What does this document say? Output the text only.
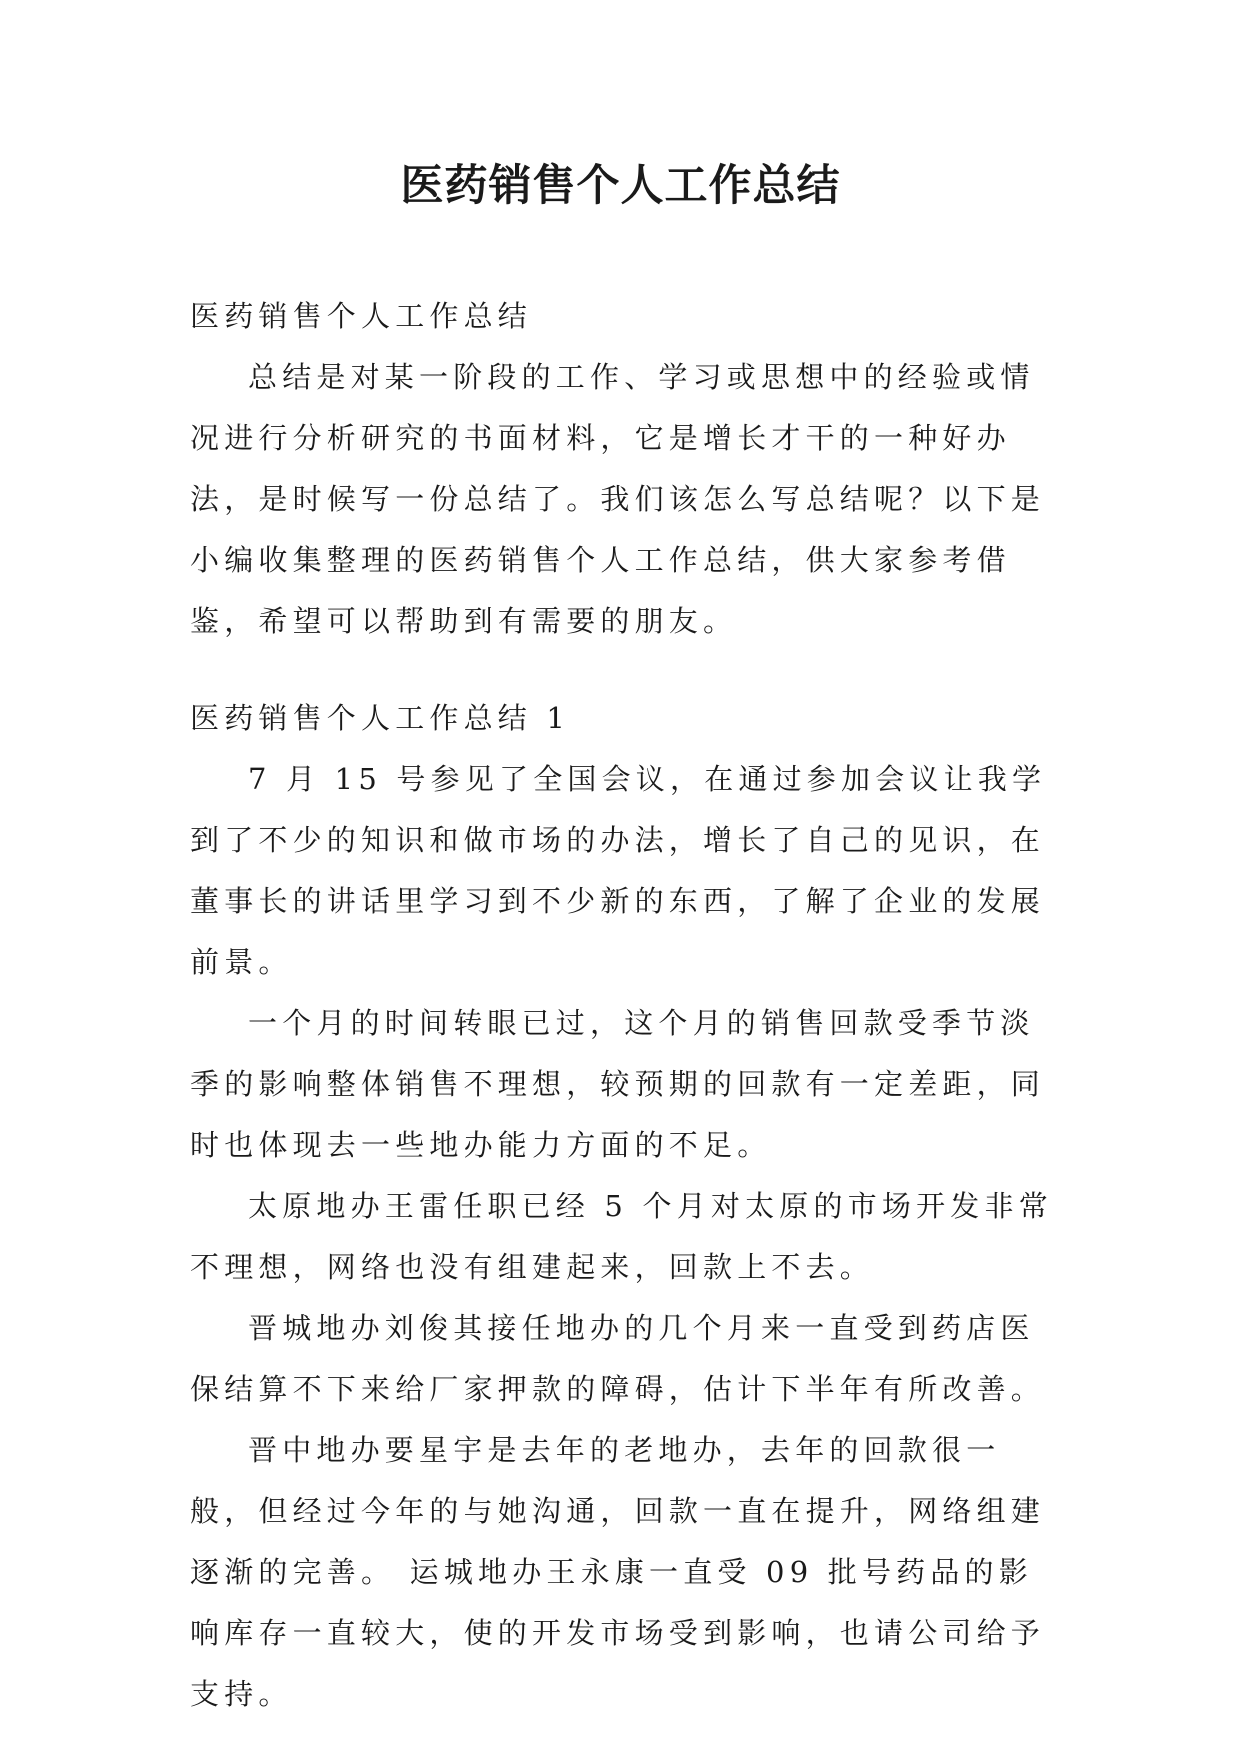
医药销售个人工作总结

医药销售个人工作总结

总结是对某一阶段的工作、学习或思想中的经验或情况进行分析研究的书面材料，它是增长才干的一种好办法，是时候写一份总结了。我们该怎么写总结呢？以下是小编收集整理的医药销售个人工作总结，供大家参考借鉴，希望可以帮助到有需要的朋友。

医药销售个人工作总结 1

7 月 15 号参见了全国会议，在通过参加会议让我学到了不少的知识和做市场的办法，增长了自己的见识，在董事长的讲话里学习到不少新的东西，了解了企业的发展前景。

一个月的时间转眼已过，这个月的销售回款受季节淡季的影响整体销售不理想，较预期的回款有一定差距，同时也体现去一些地办能力方面的不足。

太原地办王雷任职已经 5 个月对太原的市场开发非常不理想，网络也没有组建起来，回款上不去。

晋城地办刘俊其接任地办的几个月来一直受到药店医保结算不下来给厂家押款的障碍，估计下半年有所改善。

晋中地办要星宇是去年的老地办，去年的回款很一般，但经过今年的与她沟通，回款一直在提升，网络组建逐渐的完善。 运城地办王永康一直受 09 批号药品的影响库存一直较大，使的开发市场受到影响，也请公司给予支持。
